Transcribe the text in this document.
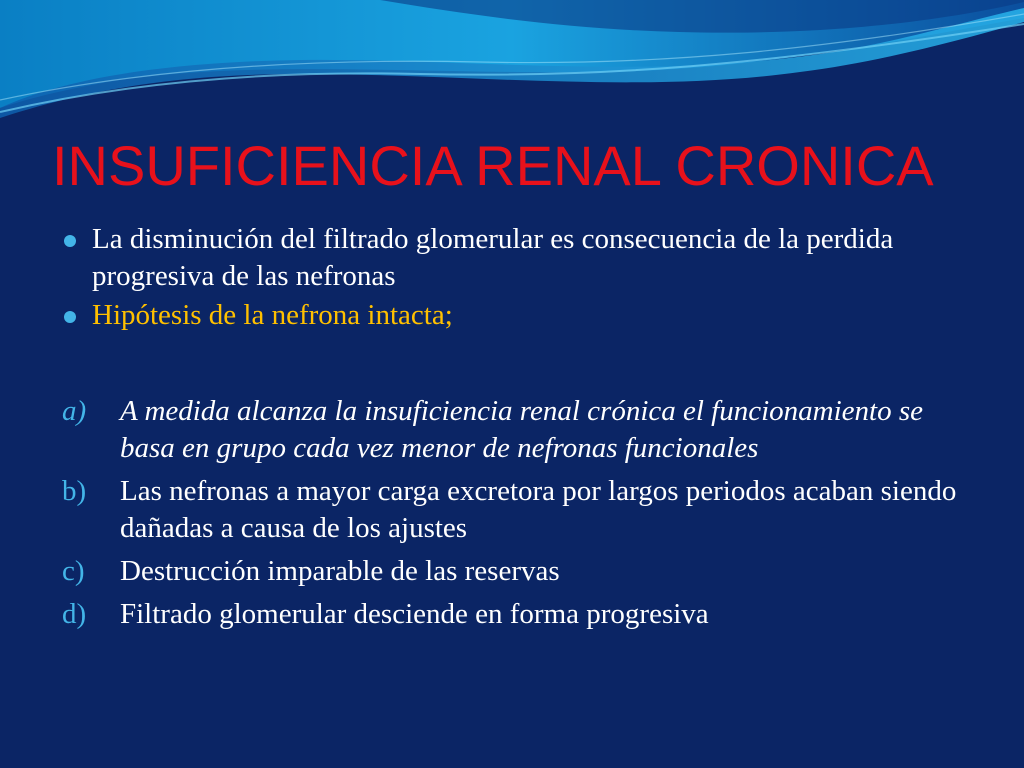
INSUFICIENCIA RENAL CRONICA
La disminución del filtrado glomerular es consecuencia de la perdida progresiva de las nefronas
Hipótesis de la nefrona intacta;
a) A medida alcanza la insuficiencia renal crónica el funcionamiento se basa en grupo cada vez menor de nefronas funcionales
b) Las nefronas a mayor carga excretora por largos periodos acaban siendo dañadas a causa de los ajustes
c) Destrucción imparable de las reservas
d) Filtrado glomerular desciende en forma progresiva
